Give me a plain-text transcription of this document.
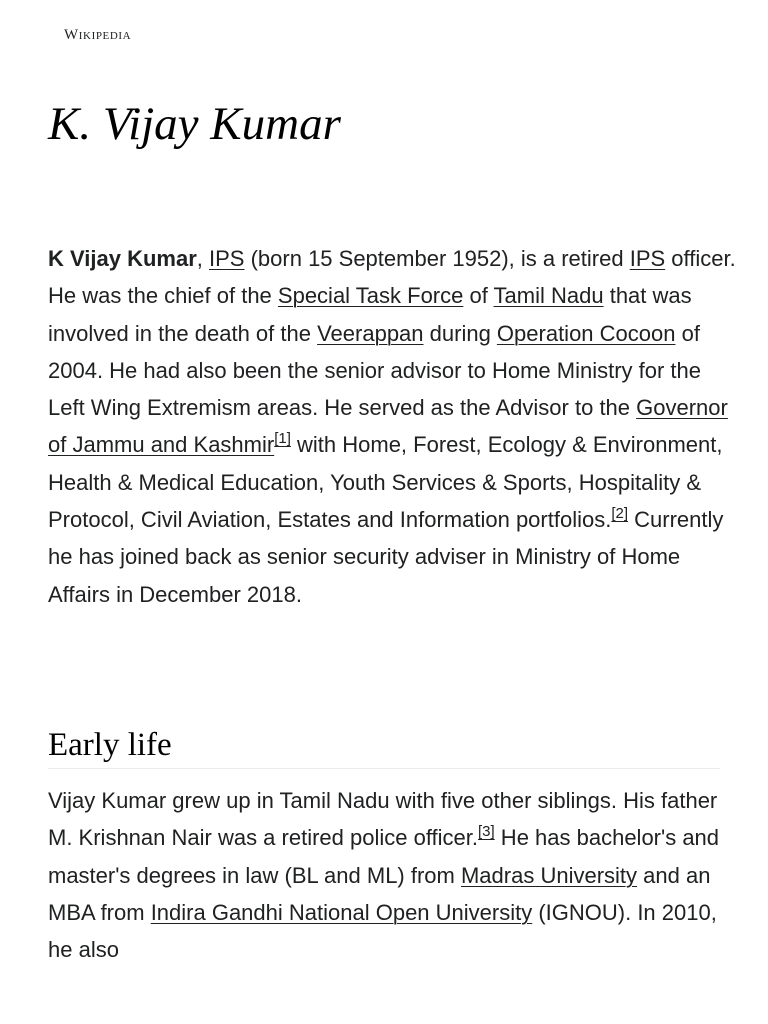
Wikipedia
K. Vijay Kumar

K Vijay Kumar, IPS (born 15 September 1952), is a retired IPS officer. He was the chief of the Special Task Force of Tamil Nadu that was involved in the death of the Veerappan during Operation Cocoon of 2004. He had also been the senior advisor to Home Ministry for the Left Wing Extremism areas. He served as the Advisor to the Governor of Jammu and Kashmir[1] with Home, Forest, Ecology & Environment, Health & Medical Education, Youth Services & Sports, Hospitality & Protocol, Civil Aviation, Estates and Information portfolios.[2] Currently he has joined back as senior security adviser in Ministry of Home Affairs in December 2018.

Early life

Vijay Kumar grew up in Tamil Nadu with five other siblings. His father M. Krishnan Nair was a retired police officer.[3] He has bachelor's and master's degrees in law (BL and ML) from Madras University and an MBA from Indira Gandhi National Open University (IGNOU). In 2010, he also
